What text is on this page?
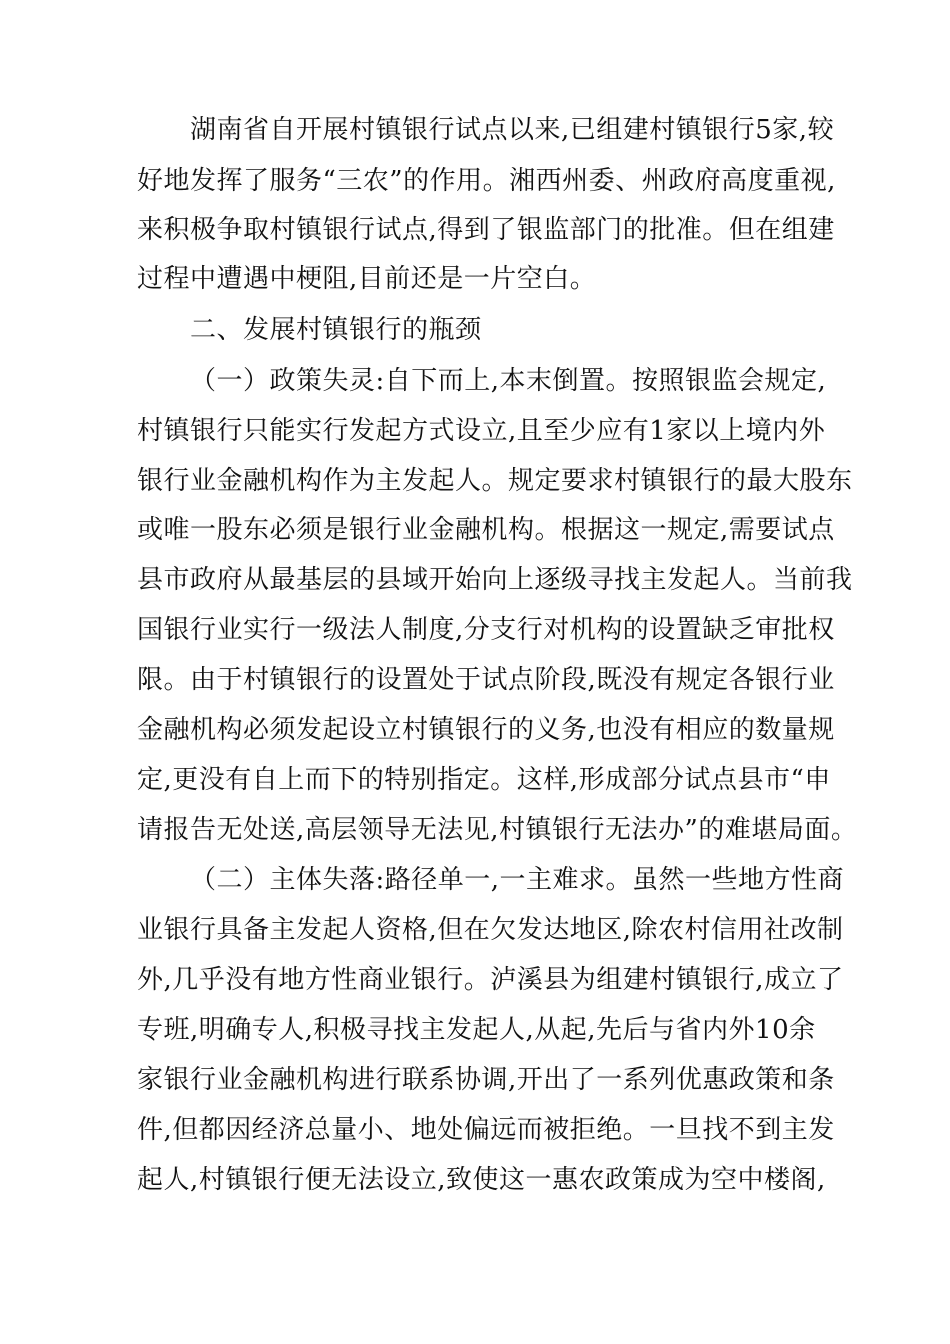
湖南省自开展村镇银行试点以来,已组建村镇银行5家,较
好地发挥了服务“三农”的作用。湘西州委、州政府高度重视,
来积极争取村镇银行试点,得到了银监部门的批准。但在组建
过程中遭遇中梗阻,目前还是一片空白。
二、发展村镇银行的瓶颈
（一）政策失灵:自下而上,本末倒置。按照银监会规定,
村镇银行只能实行发起方式设立,且至少应有1家以上境内外
银行业金融机构作为主发起人。规定要求村镇银行的最大股东
或唯一股东必须是银行业金融机构。根据这一规定,需要试点
县市政府从最基层的县域开始向上逐级寻找主发起人。当前我
国银行业实行一级法人制度,分支行对机构的设置缺乏审批权
限。由于村镇银行的设置处于试点阶段,既没有规定各银行业
金融机构必须发起设立村镇银行的义务,也没有相应的数量规
定,更没有自上而下的特别指定。这样,形成部分试点县市“申
请报告无处送,高层领导无法见,村镇银行无法办”的难堪局面。
（二）主体失落:路径单一,一主难求。虽然一些地方性商
业银行具备主发起人资格,但在欠发达地区,除农村信用社改制
外,几乎没有地方性商业银行。泸溪县为组建村镇银行,成立了
专班,明确专人,积极寻找主发起人,从起,先后与省内外10余
家银行业金融机构进行联系协调,开出了一系列优惠政策和条
件,但都因经济总量小、地处偏远而被拒绝。一旦找不到主发
起人,村镇银行便无法设立,致使这一惠农政策成为空中楼阁,
